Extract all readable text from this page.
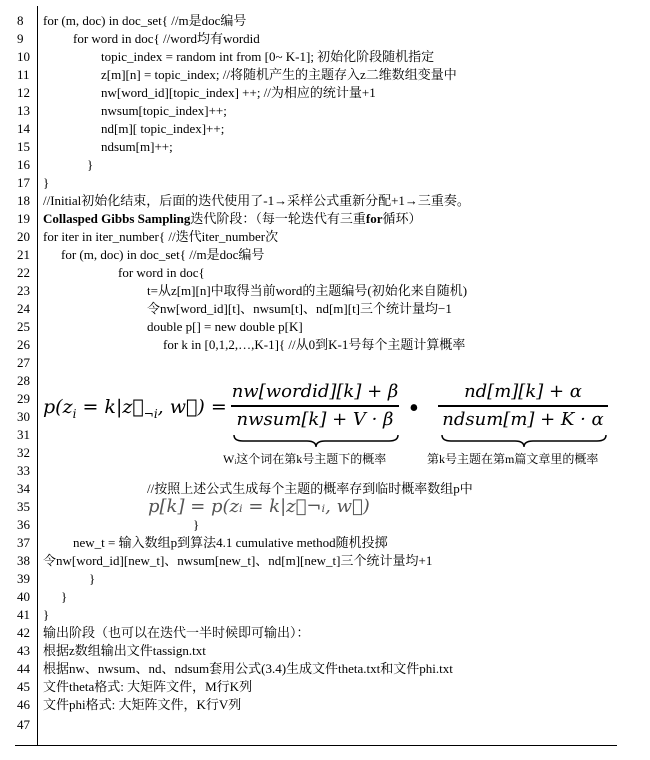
8	for (m, doc) in doc_set{ //m是doc编号
9	for word in doc{ //word均有wordid
10	topic_index = random int from [0~ K-1]; 初始化阶段随机指定
11	z[m][n] = topic_index; //将随机产生的主题存入z二维数组变量中
12	nw[word_id][topic_index] ++; //为相应的统计量+1
13	nwsum[topic_index]++;
14	nd[m][ topic_index]++;
15	ndsum[m]++;
16	}
17	}
18	//Initial初始化结束，后面的迭代使用了-1→采样公式重新分配+1→三重奏。
19
20	for iter in iter_number{ //迭代iter_number次
21	for (m, doc) in doc_set{ //m是doc编号
22	for word in doc{
23	t=从z[m][n]中取得当前word的主题编号(初始化来自随机)
24	令nw[word_id][t]、nwsum[t]、nd[m][t]三个统计量均−1
25	double p[] = new double p[K]
26	for k in [0,1,2,…,K-1]{ //从0到K-1号每个主题计算概率
27
28
29
30
31
32
33
34	//按照上述公式生成每个主题的概率存到临时概率数组p中
35
36	}
37	new_t = 输入数组p到算法4.1 cumulative method随机投掷
38	令nw[word_id][new_t]、nwsum[new_t]、nd[m][new_t]三个统计量均+1
39	}
40	}
41	}
42	输出阶段（也可以在迭代一半时候即可输出）：
43	根据z数组输出文件tassign.txt
44	根据nw、nwsum、nd、ndsum套用公式(3.4)生成文件theta.txt和文件phi.txt
45	文件theta格式: 大矩阵文件，M行K列
46	文件phi格式: 大矩阵文件，K行V列
47
Collasped Gibbs Sampling迭代阶段：（每一轮迭代有三重for循环）
$p(z_i$ = $k|z⃗_{\neg i}$, w⃗) =
nw[wordid][k] + β
nwsum[k] + V · β •
nd[m][k] + α
ndsum[m] + K · α
Wᵢ这个词在第k号主题下的概率	第k号主题在第m篇文章里的概率
p[k] = p(zᵢ = k|z⃗¬ᵢ, w⃗)
